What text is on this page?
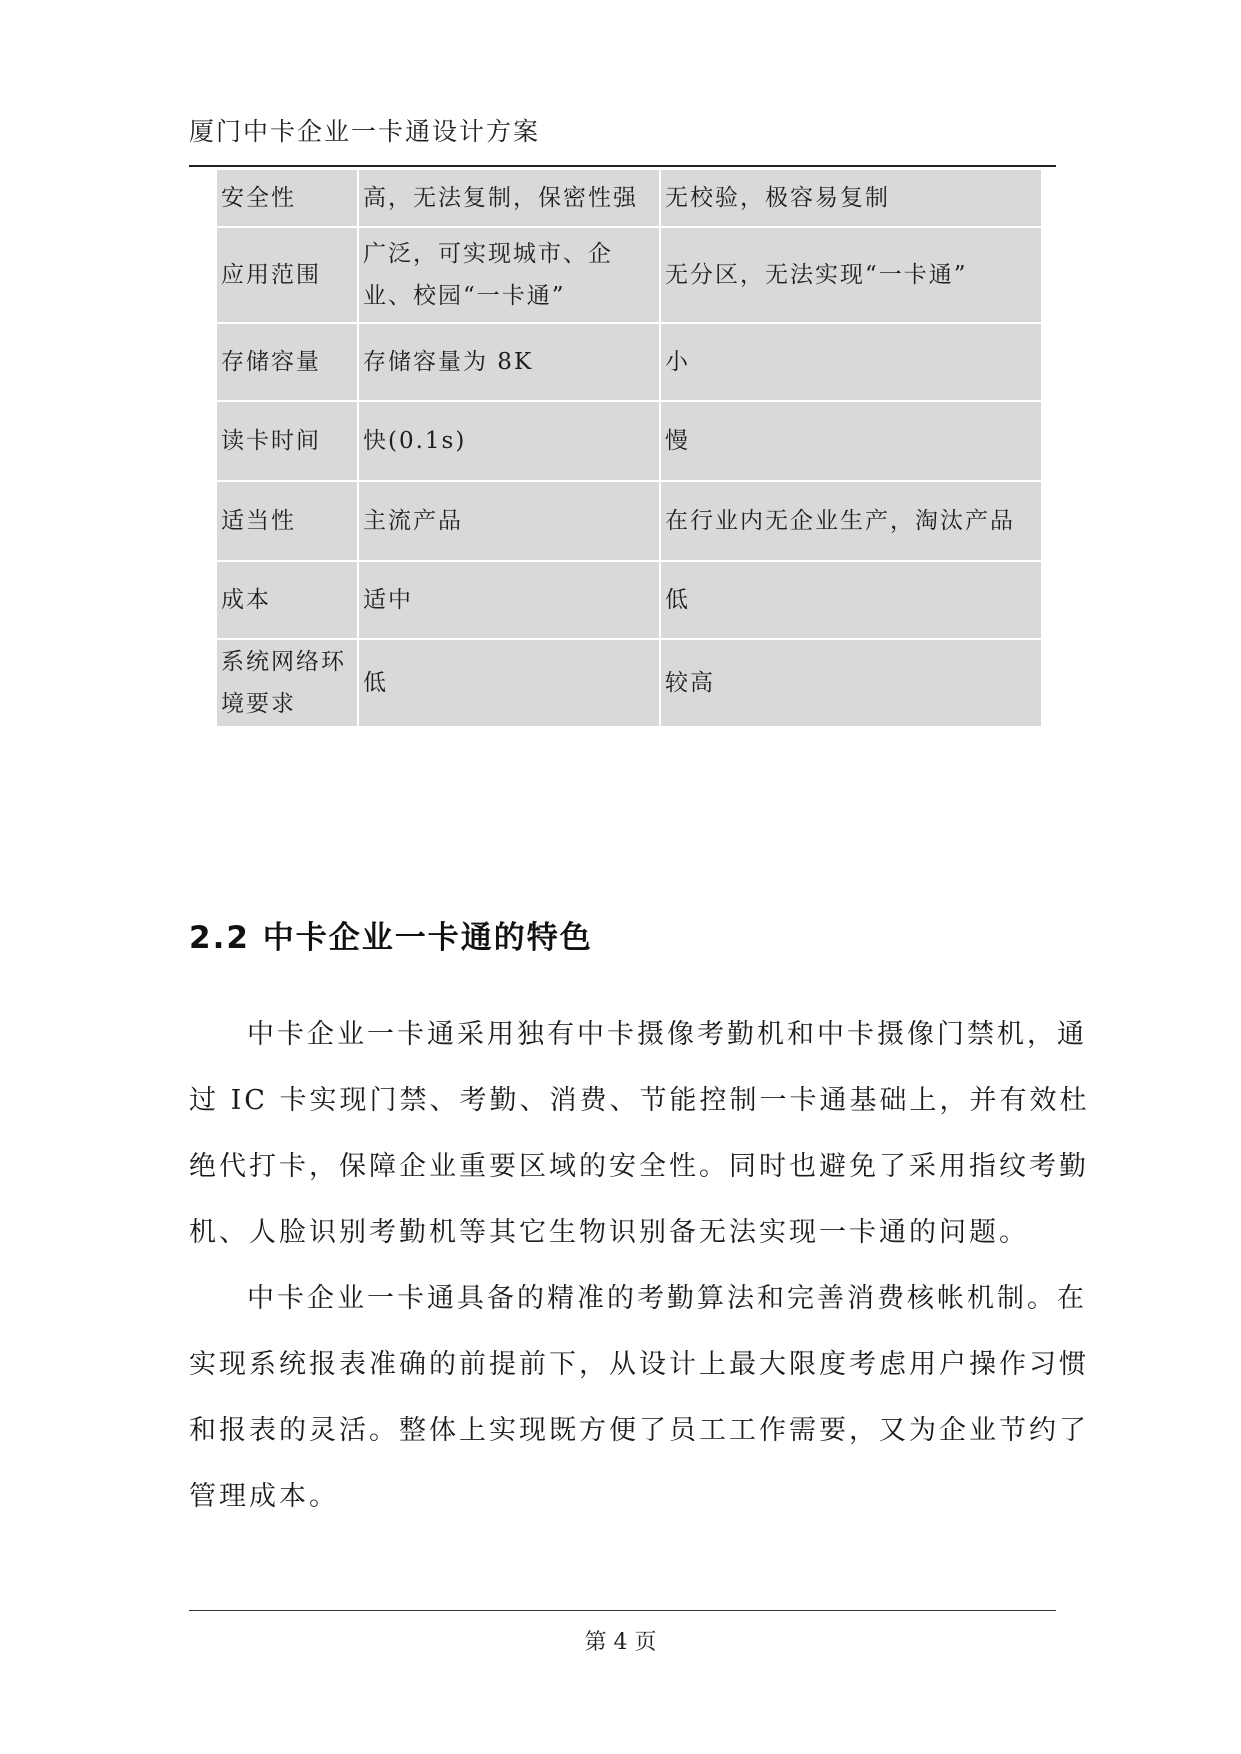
厦门中卡企业一卡通设计方案
安全性	高，无法复制，保密性强	无校验，极容易复制
应用范围	广泛，可实现城市、企业、校园“一卡通”	无分区，无法实现“一卡通”
存储容量	存储容量为 8K	小
读卡时间	快(0.1s)	慢
适当性	主流产品	在行业内无企业生产，淘汰产品
成本	适中	低
系统网络环境要求	低	较高
2.2 中卡企业一卡通的特色
中卡企业一卡通采用独有中卡摄像考勤机和中卡摄像门禁机，通
过 IC 卡实现门禁、考勤、消费、节能控制一卡通基础上，并有效杜
绝代打卡，保障企业重要区域的安全性。同时也避免了采用指纹考勤
机、人脸识别考勤机等其它生物识别备无法实现一卡通的问题。
中卡企业一卡通具备的精准的考勤算法和完善消费核帐机制。在
实现系统报表准确的前提前下，从设计上最大限度考虑用户操作习惯
和报表的灵活。整体上实现既方便了员工工作需要，又为企业节约了
管理成本。
第 4 页
